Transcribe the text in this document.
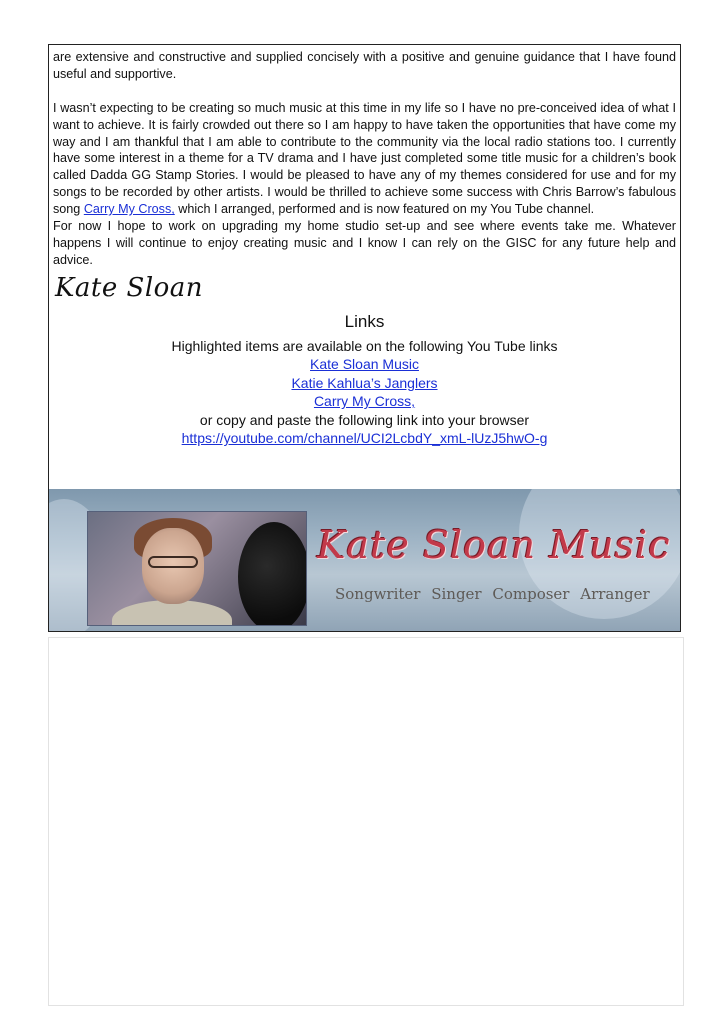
are extensive and constructive and supplied concisely with a positive and genuine guidance that I have found useful and supportive.

I wasn’t expecting to be creating so much music at this time in my life so I have no pre-conceived idea of what I want to achieve. It is fairly crowded out there so I am happy to have taken the opportunities that have come my way and I am thankful that I am able to contribute to the community via the local radio stations too. I currently have some interest in a theme for a TV drama and I have just completed some title music for a children’s book called Dadda GG Stamp Stories. I would be pleased to have any of my themes considered for use and for my songs to be recorded by other artists. I would be thrilled to achieve some success with Chris Barrow’s fabulous song Carry My Cross, which I arranged, performed and is now featured on my You Tube channel.

For now I hope to work on upgrading my home studio set-up and see where events take me. Whatever happens I will continue to enjoy creating music and I know I can rely on the GISC for any future help and advice.

Kate Sloan
Links
Highlighted items are available on the following You Tube links
Kate Sloan Music
Katie Kahlua’s Janglers
Carry My Cross,
or copy and paste the following link into your browser
https://youtube.com/channel/UCI2LcbdY_xmL-lUzJ5hwO-g
Kate Sloan Music
Songwriter Singer Composer Arranger
